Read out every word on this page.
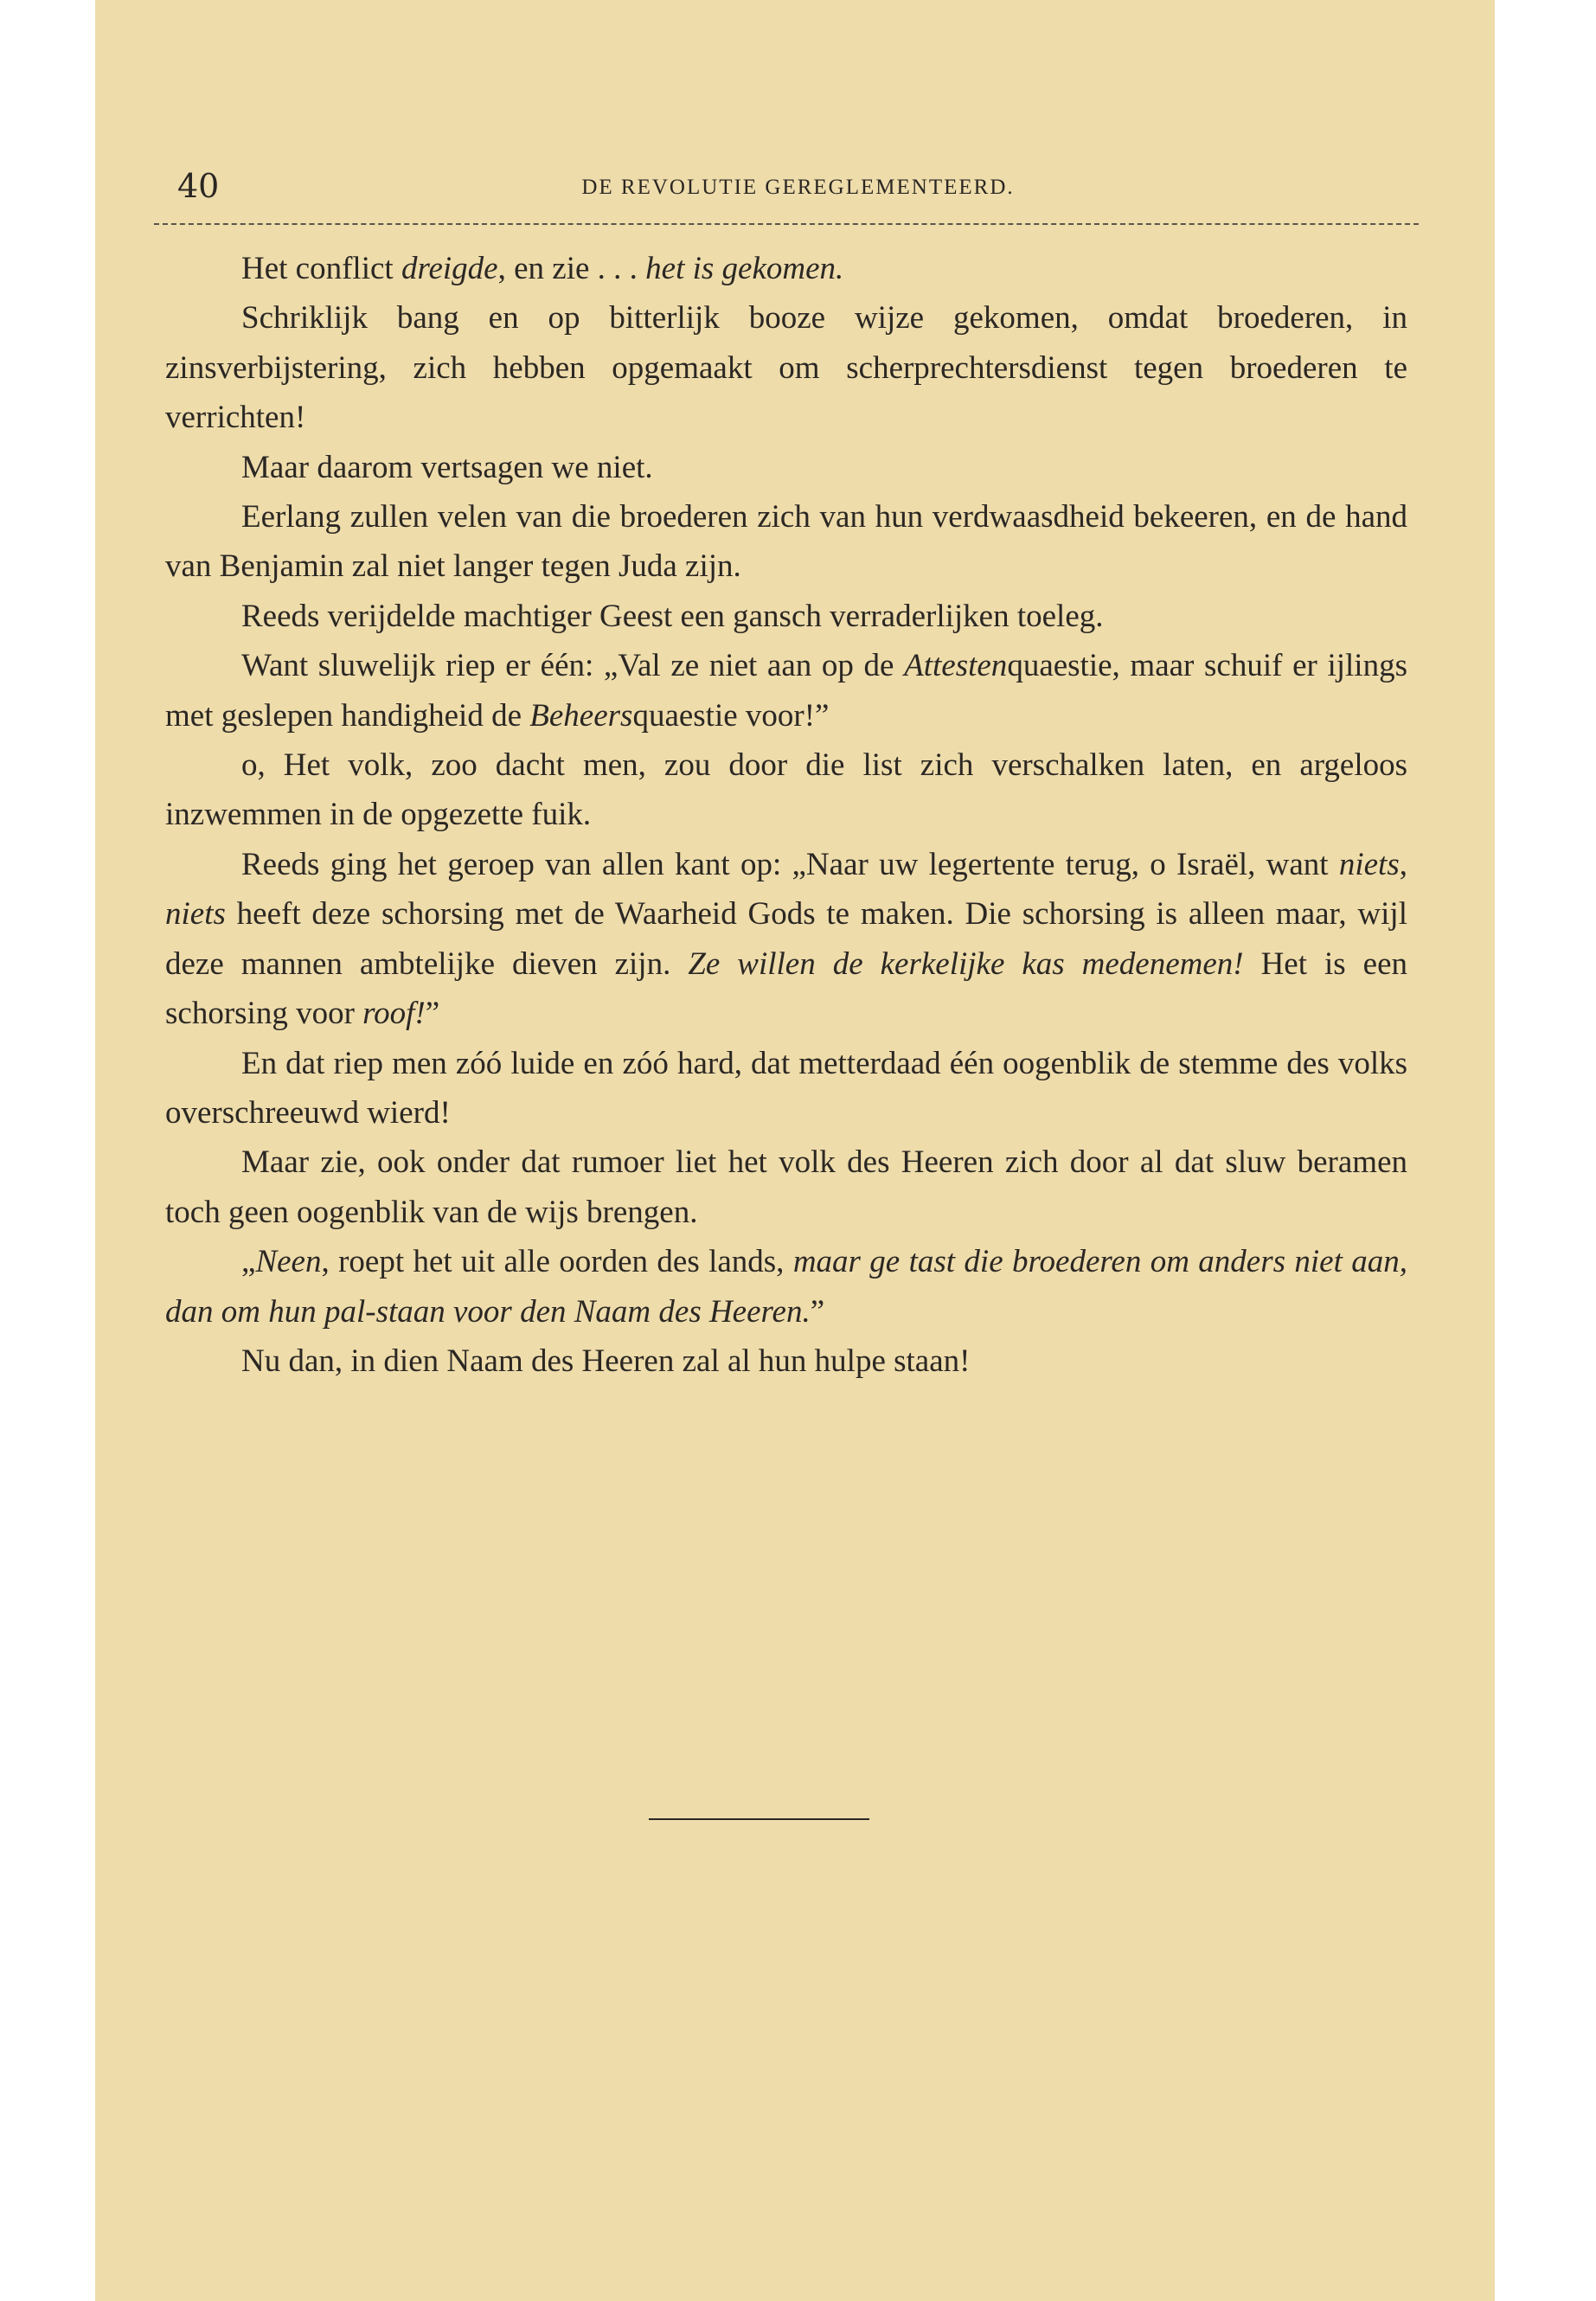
40	DE REVOLUTIE GEREGLEMENTEERD.

Het conflict dreigde, en zie . . . het is gekomen.

Schriklijk bang en op bitterlijk booze wijze gekomen, omdat broederen, in zinsverbijstering, zich hebben opgemaakt om scherprechtersdienst tegen broederen te verrichten!

Maar daarom vertsagen we niet.

Eerlang zullen velen van die broederen zich van hun verdwaasdheid bekeeren, en de hand van Benjamin zal niet langer tegen Juda zijn.

Reeds verijdelde machtiger Geest een gansch verraderlijken toeleg.

Want sluwelijk riep er één: „Val ze niet aan op de Attestenquaestie, maar schuif er ijlings met geslepen handigheid de Beheersquaestie voor!”

o, Het volk, zoo dacht men, zou door die list zich verschalken laten, en argeloos inzwemmen in de opgezette fuik.

Reeds ging het geroep van allen kant op: „Naar uw legertente terug, o Israël, want niets, niets heeft deze schorsing met de Waarheid Gods te maken. Die schorsing is alleen maar, wijl deze mannen ambtelijke dieven zijn. Ze willen de kerkelijke kas medenemen! Het is een schorsing voor roof!”

En dat riep men zóó luide en zóó hard, dat metterdaad één oogenblik de stemme des volks overschreeuwd wierd!

Maar zie, ook onder dat rumoer liet het volk des Heeren zich door al dat sluw beramen toch geen oogenblik van de wijs brengen.

„Neen, roept het uit alle oorden des lands, maar ge tast die broederen om anders niet aan, dan om hun pal-staan voor den Naam des Heeren.”

Nu dan, in dien Naam des Heeren zal al hun hulpe staan!
